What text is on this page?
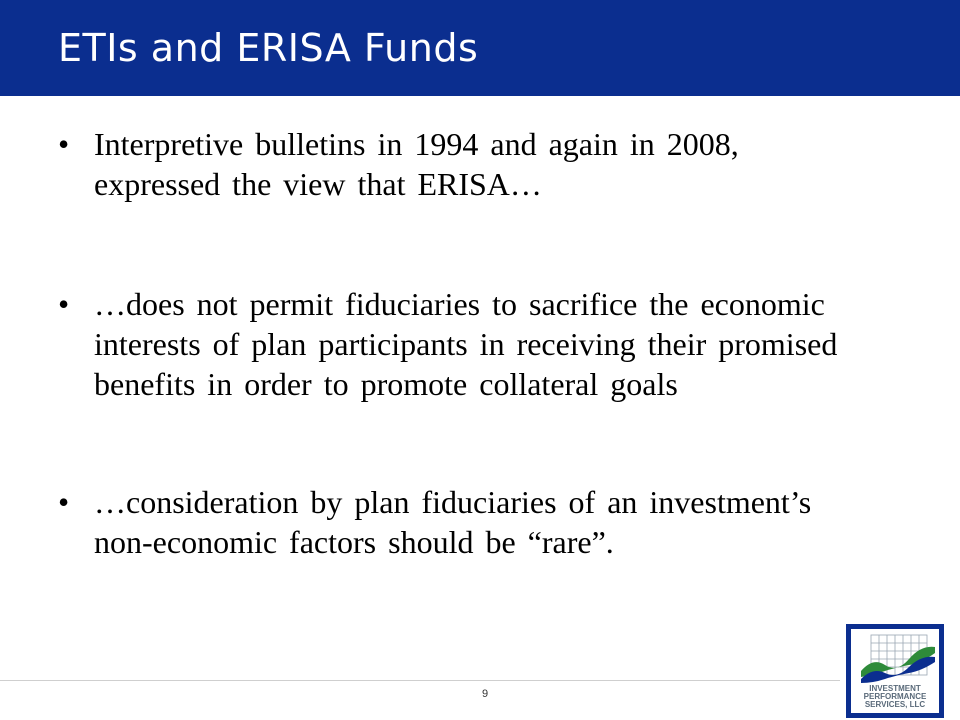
ETIs and ERISA Funds
• Interpretive bulletins in 1994 and again in 2008, expressed the view that ERISA…
• …does not permit fiduciaries to sacrifice the economic interests of plan participants in receiving their promised benefits in order to promote collateral goals
• …consideration by plan fiduciaries of an investment’s non-economic factors should be “rare”.
9	INVESTMENT
PERFORMANCE
SERVICES, LLC
